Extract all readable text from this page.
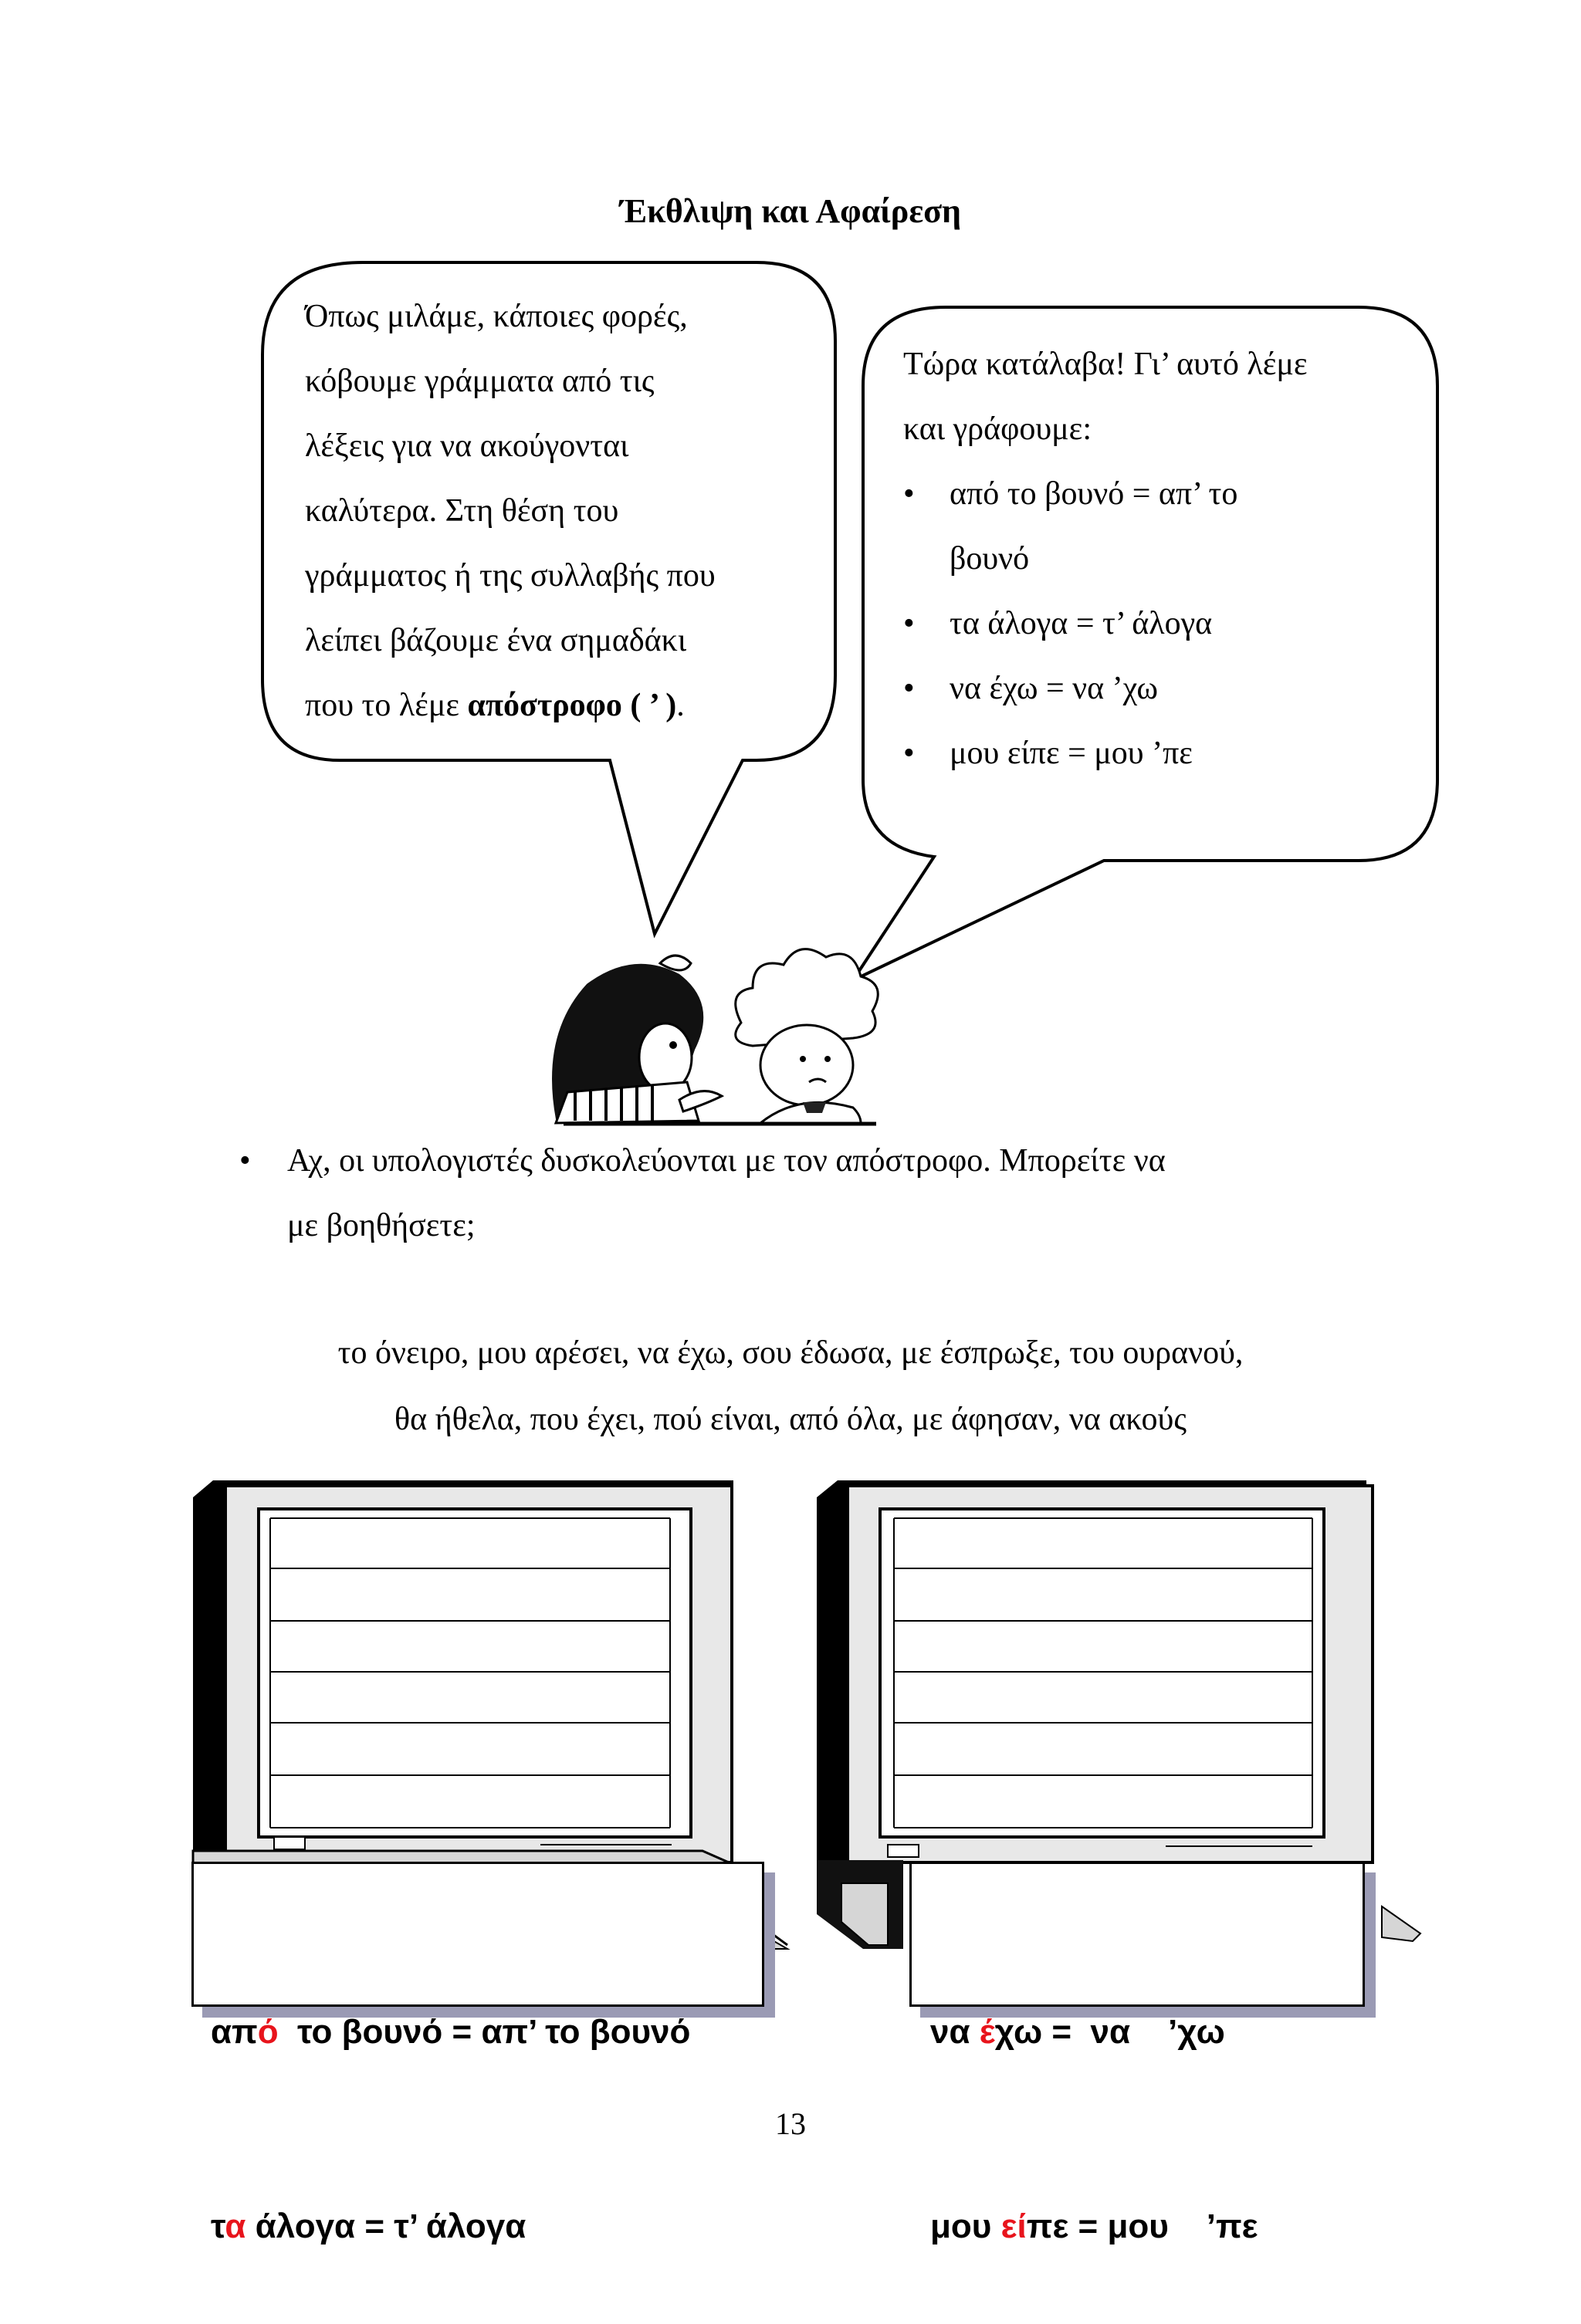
Έκθλιψη και Αφαίρεση
Όπως μιλάμε, κάποιες φορές,
κόβουμε γράμματα από τις
λέξεις για να ακούγονται
καλύτερα. Στη θέση του
γράμματος ή της συλλαβής που
λείπει βάζουμε ένα σημαδάκι
που το λέμε απόστροφο ( ’ ).
Τώρα κατάλαβα! Γι’ αυτό λέμε
και γράφουμε:
• από το βουνό = απ’ το
βουνό
• τα άλογα = τ’ άλογα
• να έχω = να ’χω
• μου είπε = μου ’πε
• Αχ, οι υπολογιστές δυσκολεύονται με τον απόστροφο. Μπορείτε να
με βοηθήσετε;
το όνειρο, μου αρέσει, να έχω, σου έδωσα, με έσπρωξε, του ουρανού,
θα ήθελα, που έχει, πού είναι, από όλα, με άφησαν, να ακούς

από  το βουνό = απ’ το βουνό

τα άλογα = τ’ άλογα

να έχω =  να    ’χω

μου είπε = μου    ’πε

13
